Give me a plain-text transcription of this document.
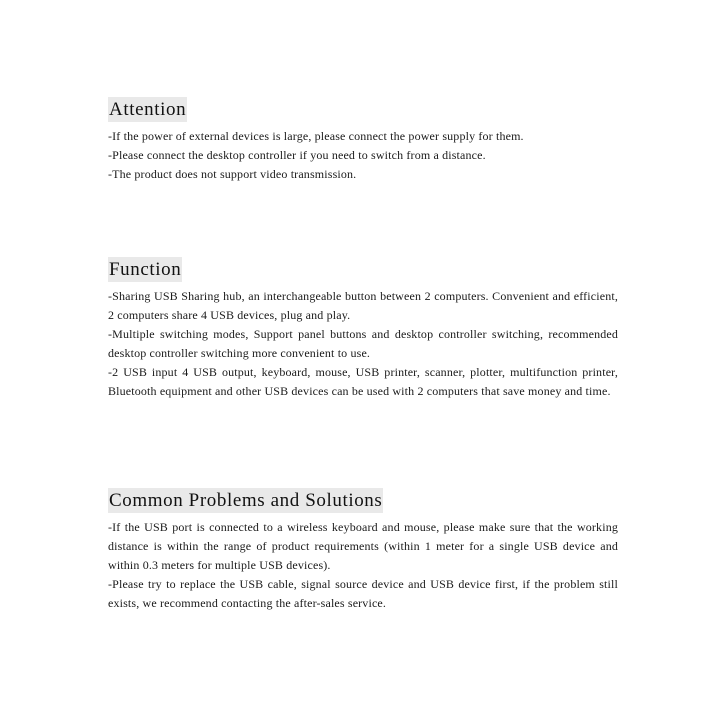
Attention

-If the power of external devices is large, please connect the power supply for them.

-Please connect the desktop controller if you need to switch from a distance.

-The product does not support video transmission.

Function

-Sharing USB Sharing hub, an interchangeable button between 2 computers. Convenient and efficient, 2 computers share 4 USB devices, plug and play.

-Multiple switching modes, Support panel buttons and desktop controller switching, recommended desktop controller switching more convenient to use.

-2 USB input 4 USB output, keyboard, mouse, USB printer, scanner, plotter, multifunction printer, Bluetooth equipment and other USB devices can be used with 2 computers that save money and time.

Common Problems and Solutions

-If the USB port is connected to a wireless keyboard and mouse, please make sure that the working distance is within the range of product requirements (within 1 meter for a single USB device and within 0.3 meters for multiple USB devices).

-Please try to replace the USB cable, signal source device and USB device first, if the problem still exists, we recommend contacting the after-sales service.
